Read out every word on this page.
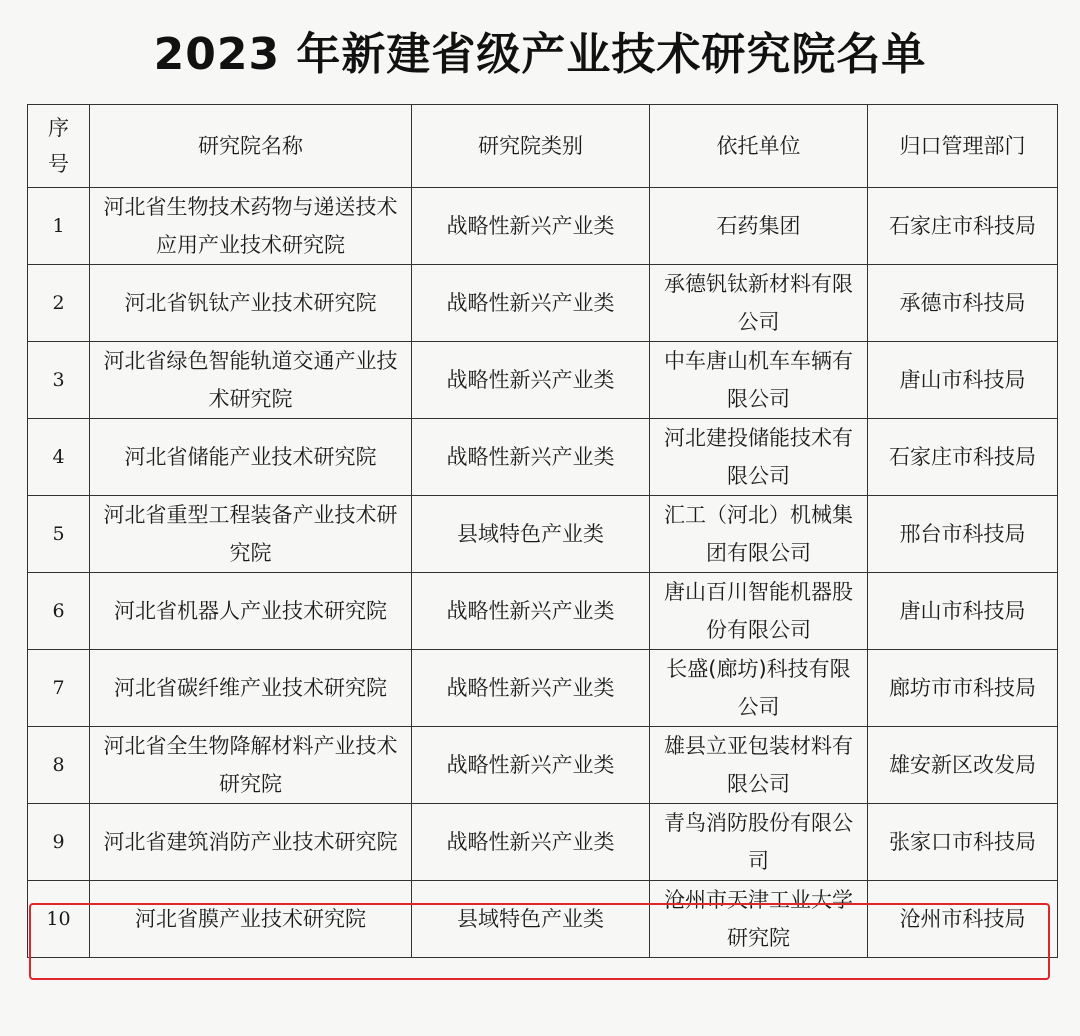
2023 年新建省级产业技术研究院名单
序号	研究院名称	研究院类别	依托单位	归口管理部门
1	河北省生物技术药物与递送技术应用产业技术研究院	战略性新兴产业类	石药集团	石家庄市科技局
2	河北省钒钛产业技术研究院	战略性新兴产业类	承德钒钛新材料有限公司	承德市科技局
3	河北省绿色智能轨道交通产业技术研究院	战略性新兴产业类	中车唐山机车车辆有限公司	唐山市科技局
4	河北省储能产业技术研究院	战略性新兴产业类	河北建投储能技术有限公司	石家庄市科技局
5	河北省重型工程装备产业技术研究院	县域特色产业类	汇工（河北）机械集团有限公司	邢台市科技局
6	河北省机器人产业技术研究院	战略性新兴产业类	唐山百川智能机器股份有限公司	唐山市科技局
7	河北省碳纤维产业技术研究院	战略性新兴产业类	长盛(廊坊)科技有限公司	廊坊市市科技局
8	河北省全生物降解材料产业技术研究院	战略性新兴产业类	雄县立亚包装材料有限公司	雄安新区改发局
9	河北省建筑消防产业技术研究院	战略性新兴产业类	青鸟消防股份有限公司	张家口市科技局
10	河北省膜产业技术研究院	县域特色产业类	沧州市天津工业大学研究院	沧州市科技局
